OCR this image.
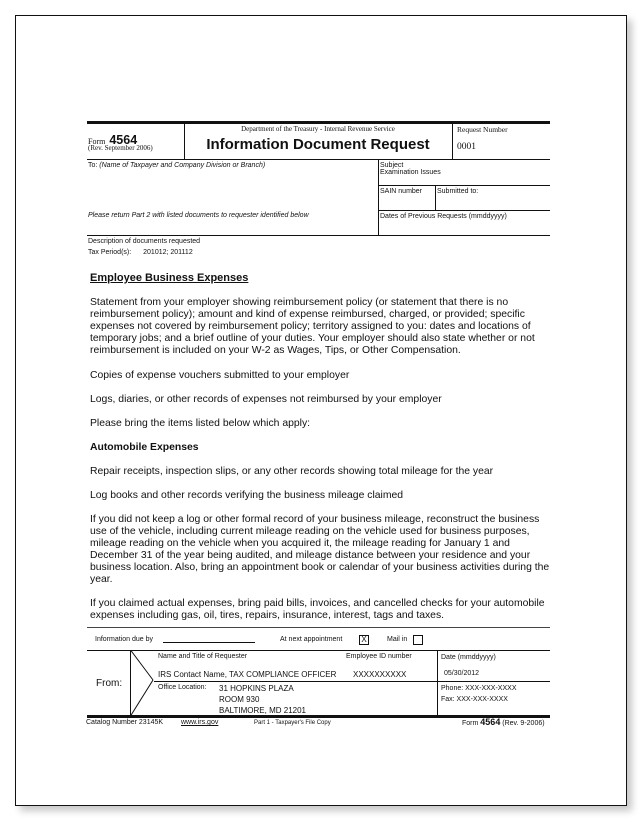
Form 4564
(Rev. September 2006)
Department of the Treasury - Internal Revenue Service
Information Document Request
Request Number
0001
To: (Name of Taxpayer and Company Division or Branch)
Please return Part 2 with listed documents to requester identified below
Subject
Examination Issues
SAIN number Submitted to:
Dates of Previous Requests (mmddyyyy)
Description of documents requested
Tax Period(s): 201012; 201112
Employee Business Expenses
Statement from your employer showing reimbursement policy (or statement that there is no reimbursement policy); amount and kind of expense reimbursed, charged, or provided; specific expenses not covered by reimbursement policy; territory assigned to you: dates and locations of temporary jobs; and a brief outline of your duties. Your employer should also state whether or not reimbursement is included on your W-2 as Wages, Tips, or Other Compensation.
Copies of expense vouchers submitted to your employer
Logs, diaries, or other records of expenses not reimbursed by your employer
Please bring the items listed below which apply:
Automobile Expenses
Repair receipts, inspection slips, or any other records showing total mileage for the year
Log books and other records verifying the business mileage claimed
If you did not keep a log or other formal record of your business mileage, reconstruct the business use of the vehicle, including current mileage reading on the vehicle used for business purposes, mileage reading on the vehicle when you acquired it, the mileage reading for January 1 and December 31 of the year being audited, and mileage distance between your residence and your business location. Also, bring an appointment book or calendar of your business activities during the year.
If you claimed actual expenses, bring paid bills, invoices, and cancelled checks for your automobile expenses including gas, oil, tires, repairs, insurance, interest, tags and taxes.
Information due by	At next appointment X	Mail in
From:
Name and Title of Requester
IRS Contact Name, TAX COMPLIANCE OFFICER
Employee ID number
XXXXXXXXXX
Date (mmddyyyy)
05/30/2012
Office Location: 31 HOPKINS PLAZA
ROOM 930
BALTIMORE, MD 21201
Phone: XXX-XXX-XXXX
Fax: XXX-XXX-XXXX
Catalog Number 23145K	www.irs.gov	Part 1 - Taxpayer's File Copy	Form 4564 (Rev. 9-2006)
